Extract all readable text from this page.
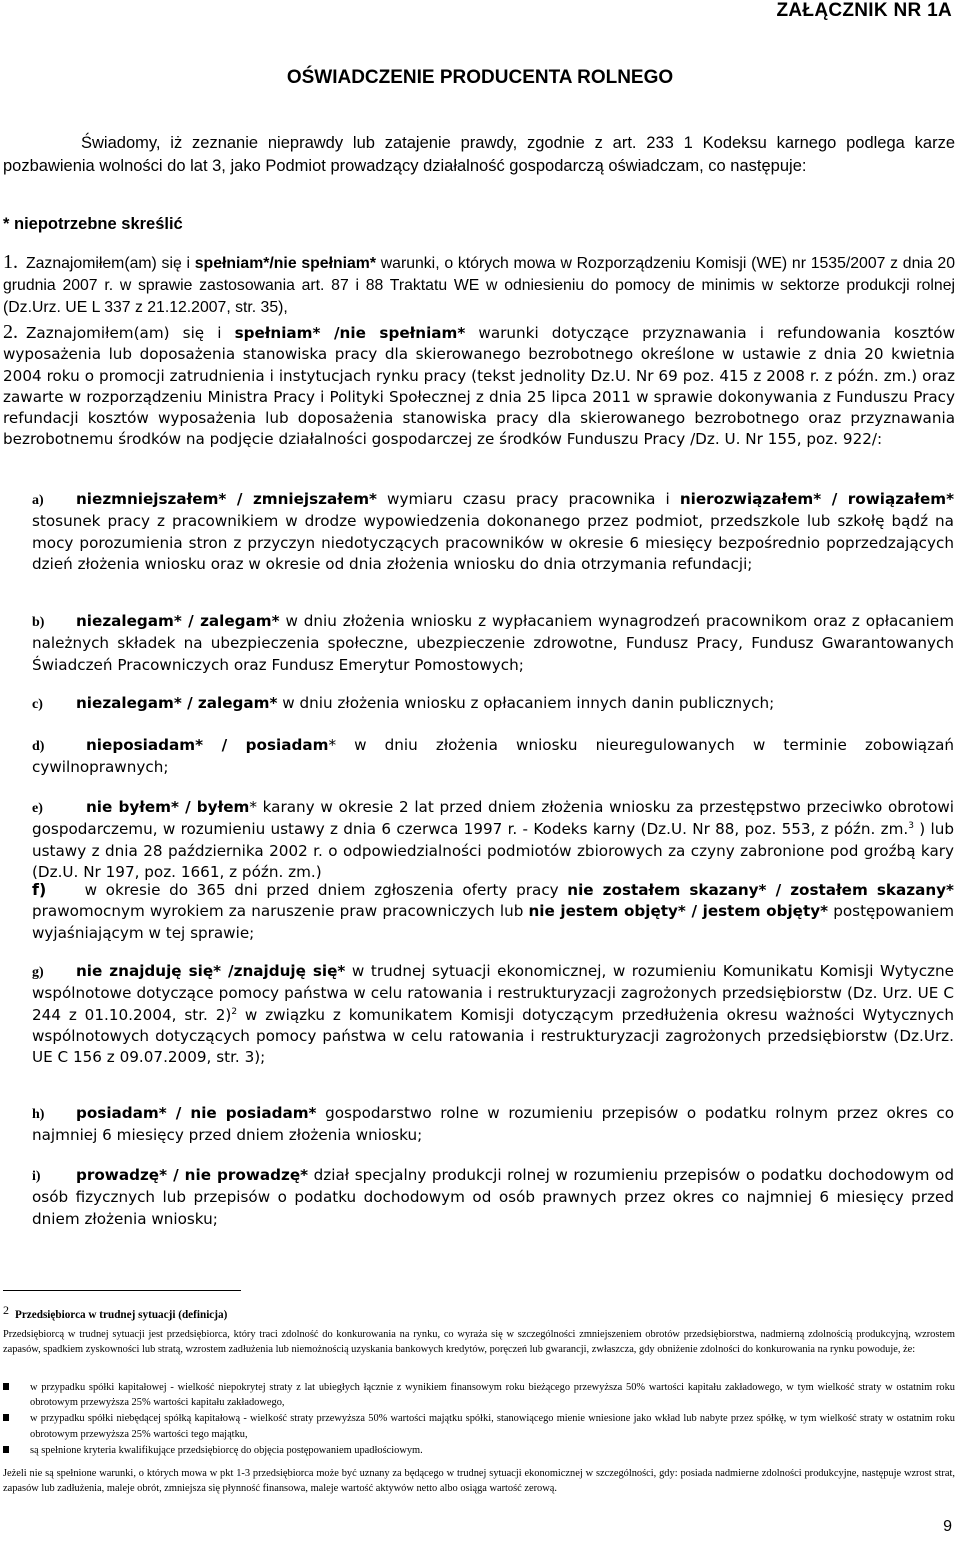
ZAŁĄCZNIK NR 1A
OŚWIADCZENIE PRODUCENTA ROLNEGO
Świadomy, iż zeznanie nieprawdy lub zatajenie prawdy, zgodnie z art. 233 1 Kodeksu karnego podlega karze pozbawienia wolności do lat 3, jako Podmiot prowadzący działalność gospodarczą oświadczam, co następuje:
* niepotrzebne skreślić
1. Zaznajomiłem(am) się i spełniam*/nie spełniam* warunki, o których mowa w Rozporządzeniu Komisji (WE) nr 1535/2007 z dnia 20 grudnia 2007 r. w sprawie zastosowania art. 87 i 88 Traktatu WE w odniesieniu do pomocy de minimis w sektorze produkcji rolnej (Dz.Urz. UE L 337 z 21.12.2007, str. 35),
2. Zaznajomiłem(am) się i spełniam* /nie spełniam* warunki dotyczące przyznawania i refundowania kosztów wyposażenia lub doposażenia stanowiska pracy dla skierowanego bezrobotnego określone w ustawie z dnia 20 kwietnia 2004 roku o promocji zatrudnienia i instytucjach rynku pracy (tekst jednolity Dz.U. Nr 69 poz. 415 z 2008 r. z późn. zm.) oraz zawarte w rozporządzeniu Ministra Pracy i Polityki Społecznej z dnia 25 lipca 2011 w sprawie dokonywania z Funduszu Pracy refundacji kosztów wyposażenia lub doposażenia stanowiska pracy dla skierowanego bezrobotnego oraz przyznawania bezrobotnemu środków na podjęcie działalności gospodarczej ze środków Funduszu Pracy /Dz. U. Nr 155, poz. 922/:
a) niezmniejszałem* / zmniejszałem* wymiaru czasu pracy pracownika i nierozwiązałem* / rowiązałem* stosunek pracy z pracownikiem w drodze wypowiedzenia dokonanego przez podmiot, przedszkole lub szkołę bądź na mocy porozumienia stron z przyczyn niedotyczących pracowników w okresie 6 miesięcy bezpośrednio poprzedzających dzień złożenia wniosku oraz w okresie od dnia złożenia wniosku do dnia otrzymania refundacji;
b) niezalegam* / zalegam* w dniu złożenia wniosku z wypłacaniem wynagrodzeń pracownikom oraz z opłacaniem należnych składek na ubezpieczenia społeczne, ubezpieczenie zdrowotne, Fundusz Pracy, Fundusz Gwarantowanych Świadczeń Pracowniczych oraz Fundusz Emerytur Pomostowych;
c) niezalegam* / zalegam* w dniu złożenia wniosku z opłacaniem innych danin publicznych;
d)	nieposiadam* / posiadam* w dniu złożenia wniosku nieuregulowanych w terminie zobowiązań cywilnoprawnych;
e)	nie byłem* / byłem* karany w okresie 2 lat przed dniem złożenia wniosku za przestępstwo przeciwko obrotowi gospodarczemu, w rozumieniu ustawy z dnia 6 czerwca 1997 r. - Kodeks karny (Dz.U. Nr 88, poz. 553, z późn. zm.$^3$ ) lub ustawy z dnia 28 października 2002 r. o odpowiedzialności podmiotów zbiorowych za czyny zabronione pod groźbą kary (Dz.U. Nr 197, poz. 1661, z późn. zm.)
f) w okresie do 365 dni przed dniem zgłoszenia oferty pracy nie zostałem skazany* / zostałem skazany* prawomocnym wyrokiem za naruszenie praw pracowniczych lub nie jestem objęty* / jestem objęty* postępowaniem wyjaśniającym w tej sprawie;
g) nie znajduję się* /znajduję się* w trudnej sytuacji ekonomicznej, w rozumieniu Komunikatu Komisji Wytyczne wspólnotowe dotyczące pomocy państwa w celu ratowania i restrukturyzacji zagrożonych przedsiębiorstw (Dz. Urz. UE C 244 z 01.10.2004, str. 2)$^2$ w związku z komunikatem Komisji dotyczącym przedłużenia okresu ważności Wytycznych wspólnotowych dotyczących pomocy państwa w celu ratowania i restrukturyzacji zagrożonych przedsiębiorstw (Dz.Urz. UE C 156 z 09.07.2009, str. 3);
h) posiadam* / nie posiadam* gospodarstwo rolne w rozumieniu przepisów o podatku rolnym przez okres co najmniej 6 miesięcy przed dniem złożenia wniosku;
i) prowadzę* / nie prowadzę* dział specjalny produkcji rolnej w rozumieniu przepisów o podatku dochodowym od osób fizycznych lub przepisów o podatku dochodowym od osób prawnych przez okres co najmniej 6 miesięcy przed dniem złożenia wniosku;
2 Przedsiębiorca w trudnej sytuacji (definicja)
Przedsiębiorcą w trudnej sytuacji jest przedsiębiorca, który traci zdolność do konkurowania na rynku, co wyraża się w szczególności zmniejszeniem obrotów przedsiębiorstwa, nadmierną zdolnością produkcyjną, wzrostem zapasów, spadkiem zyskowności lub stratą, wzrostem zadłużenia lub niemożnością uzyskania bankowych kredytów, poręczeń lub gwarancji, zwłaszcza, gdy obniżenie zdolności do konkurowania na rynku powoduje, że:
w przypadku spółki kapitałowej - wielkość niepokrytej straty z lat ubiegłych łącznie z wynikiem finansowym roku bieżącego przewyższa 50% wartości kapitału zakładowego, w tym wielkość straty w ostatnim roku obrotowym przewyższa 25% wartości kapitału zakładowego,
w przypadku spółki niebędącej spółką kapitałową - wielkość straty przewyższa 50% wartości majątku spółki, stanowiącego mienie wniesione jako wkład lub nabyte przez spółkę, w tym wielkość straty w ostatnim roku obrotowym przewyższa 25% wartości tego majątku,
są spełnione kryteria kwalifikujące przedsiębiorcę do objęcia postępowaniem upadłościowym.
Jeżeli nie są spełnione warunki, o których mowa w pkt 1-3 przedsiębiorca może być uznany za będącego w trudnej sytuacji ekonomicznej w szczególności, gdy: posiada nadmierne zdolności produkcyjne, następuje wzrost strat, zapasów lub zadłużenia, maleje obrót, zmniejsza się płynność finansowa, maleje wartość aktywów netto albo osiąga wartość zerową.
9
